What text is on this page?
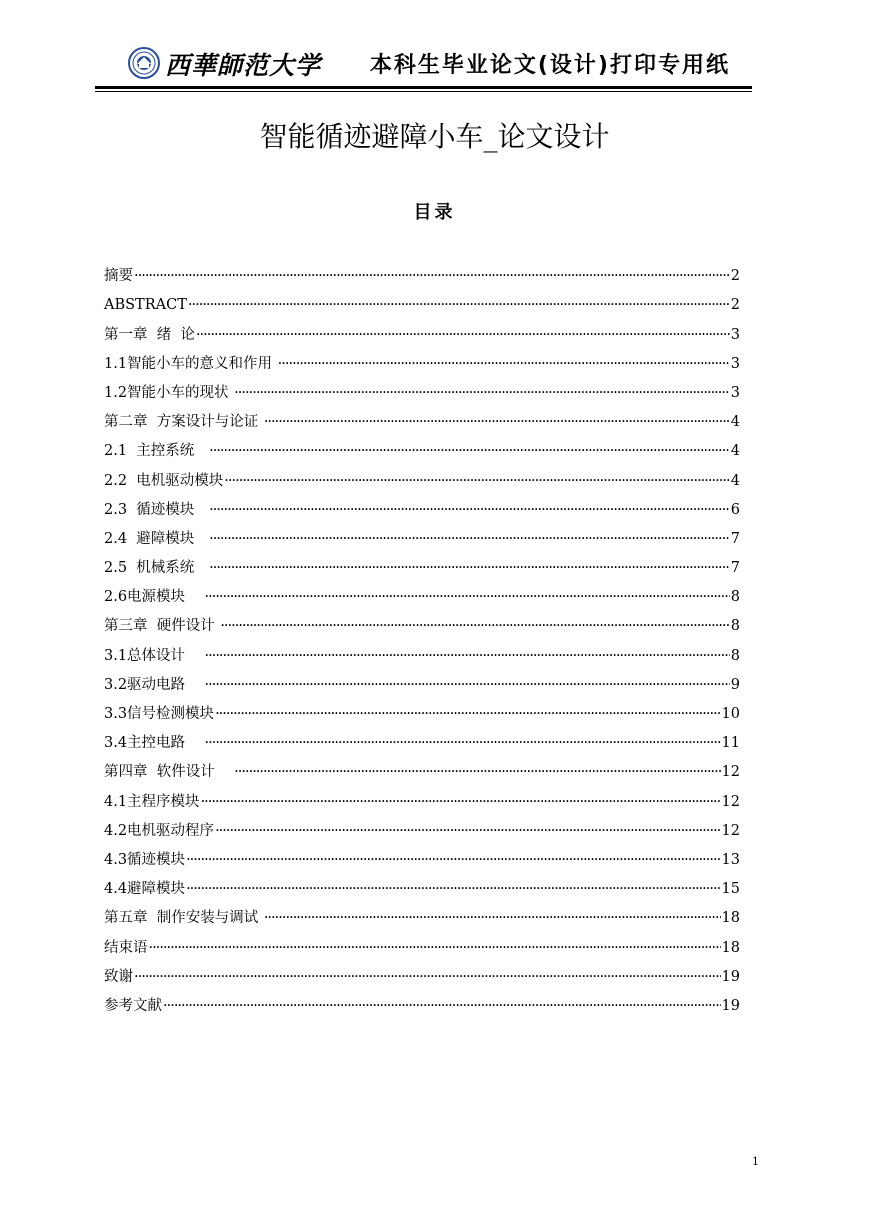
西華師范大学 本科生毕业论文(设计)打印专用纸
智能循迹避障小车_论文设计
目录
摘要 ·····	2
ABSTRACT ·····	2
第一章  绪  论 ·····	3
1.1智能小车的意义和作用 ·····	3
1.2智能小车的现状 ·····	3
第二章  方案设计与论证 ·····	4
2.1  主控系统 ·····	4
2.2  电机驱动模块 ·····	4
2.3  循迹模块 ·····	6
2.4  避障模块 ·····	7
2.5  机械系统 ·····	7
2.6电源模块 ·····	8
第三章  硬件设计 ·····	8
3.1总体设计 ·····	8
3.2驱动电路 ·····	9
3.3信号检测模块 ·····	10
3.4主控电路 ·····	11
第四章  软件设计 ·····	12
4.1主程序模块 ·····	12
4.2电机驱动程序 ·····	12
4.3循迹模块 ·····	13
4.4避障模块 ·····	15
第五章  制作安装与调试 ·····	18
结束语 ·····	18
致谢 ·····	19
参考文献 ·····	19
1
